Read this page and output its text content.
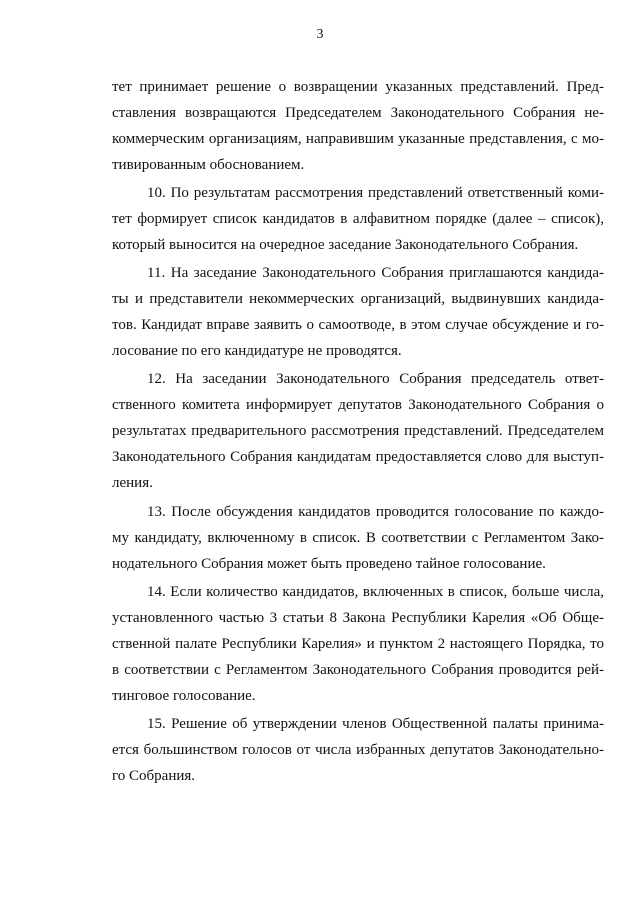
3
тет принимает решение о возвращении указанных представлений. Пред-
ставления возвращаются Председателем Законодательного Собрания не-
коммерческим организациям, направившим указанные представления, с мо-
тивированным обоснованием.
10. По результатам рассмотрения представлений ответственный коми-
тет формирует список кандидатов в алфавитном порядке (далее – список),
который выносится на очередное заседание Законодательного Собрания.
11. На заседание Законодательного Собрания приглашаются кандида-
ты и представители некоммерческих организаций, выдвинувших кандида-
тов. Кандидат вправе заявить о самоотводе, в этом случае обсуждение и го-
лосование по его кандидатуре не проводятся.
12. На заседании Законодательного Собрания председатель ответ-
ственного комитета информирует депутатов Законодательного Собрания о
результатах предварительного рассмотрения представлений. Председателем
Законодательного Собрания кандидатам предоставляется слово для выступ-
ления.
13. После обсуждения кандидатов проводится голосование по каждо-
му кандидату, включенному в список. В соответствии с Регламентом Зако-
нодательного Собрания может быть проведено тайное голосование.
14. Если количество кандидатов, включенных в список, больше числа,
установленного частью 3 статьи 8 Закона Республики Карелия «Об Обще-
ственной палате Республики Карелия» и пунктом 2 настоящего Порядка, то
в соответствии с Регламентом Законодательного Собрания проводится рей-
тинговое голосование.
15. Решение об утверждении членов Общественной палаты принима-
ется большинством голосов от числа избранных депутатов Законодательно-
го Собрания.
